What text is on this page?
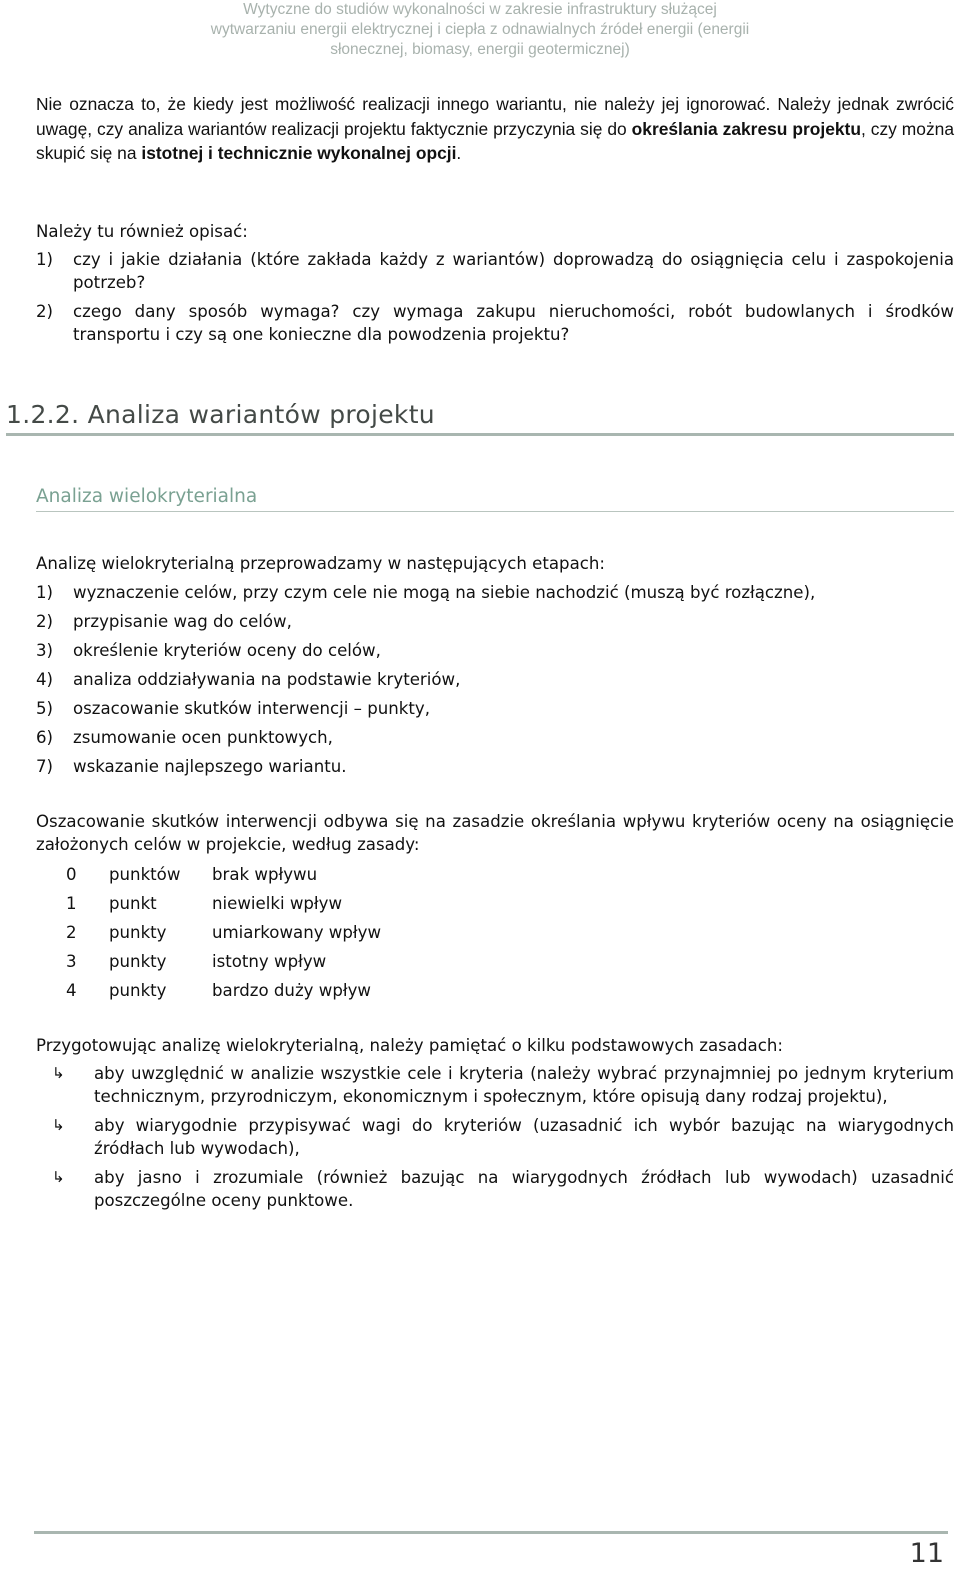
Wytyczne do studiów wykonalności w zakresie infrastruktury służącej
wytwarzaniu energii elektrycznej i ciepła z odnawialnych źródeł energii (energii
słonecznej, biomasy, energii geotermicznej)

Nie oznacza to, że kiedy jest możliwość realizacji innego wariantu, nie należy jej ignorować. Należy jednak zwrócić uwagę, czy analiza wariantów realizacji projektu faktycznie przyczynia się do określania zakresu projektu, czy można skupić się na istotnej i technicznie wykonalnej opcji.

Należy tu również opisać:

1)	czy i jakie działania (które zakłada każdy z wariantów) doprowadzą do osiągnięcia celu i zaspokojenia potrzeb?
2)	czego dany sposób wymaga? czy wymaga zakupu nieruchomości, robót budowlanych i środków transportu i czy są one konieczne dla powodzenia projektu?
1.2.2. Analiza wariantów projektu
Analiza wielokryterialna

Analizę wielokryterialną przeprowadzamy w następujących etapach:

1)	wyznaczenie celów, przy czym cele nie mogą na siebie nachodzić (muszą być rozłączne),
2)	przypisanie wag do celów,
3)	określenie kryteriów oceny do celów,
4)	analiza oddziaływania na podstawie kryteriów,
5)	oszacowanie skutków interwencji – punkty,
6)	zsumowanie ocen punktowych,
7)	wskazanie najlepszego wariantu.

Oszacowanie skutków interwencji odbywa się na zasadzie określania wpływu kryteriów oceny na osiągnięcie założonych celów w projekcie, według zasady:

0	punktów	brak wpływu
1	punkt	niewielki wpływ
2	punkty	umiarkowany wpływ
3	punkty	istotny wpływ
4	punkty	bardzo duży wpływ

Przygotowując analizę wielokryterialną, należy pamiętać o kilku podstawowych zasadach:

↳	aby uwzględnić w analizie wszystkie cele i kryteria (należy wybrać przynajmniej po jednym kryterium technicznym, przyrodniczym, ekonomicznym i społecznym, które opisują dany rodzaj projektu),
↳	aby wiarygodnie przypisywać wagi do kryteriów (uzasadnić ich wybór bazując na wiarygodnych źródłach lub wywodach),
↳	aby jasno i zrozumiale (również bazując na wiarygodnych źródłach lub wywodach) uzasadnić poszczególne oceny punktowe.
11
